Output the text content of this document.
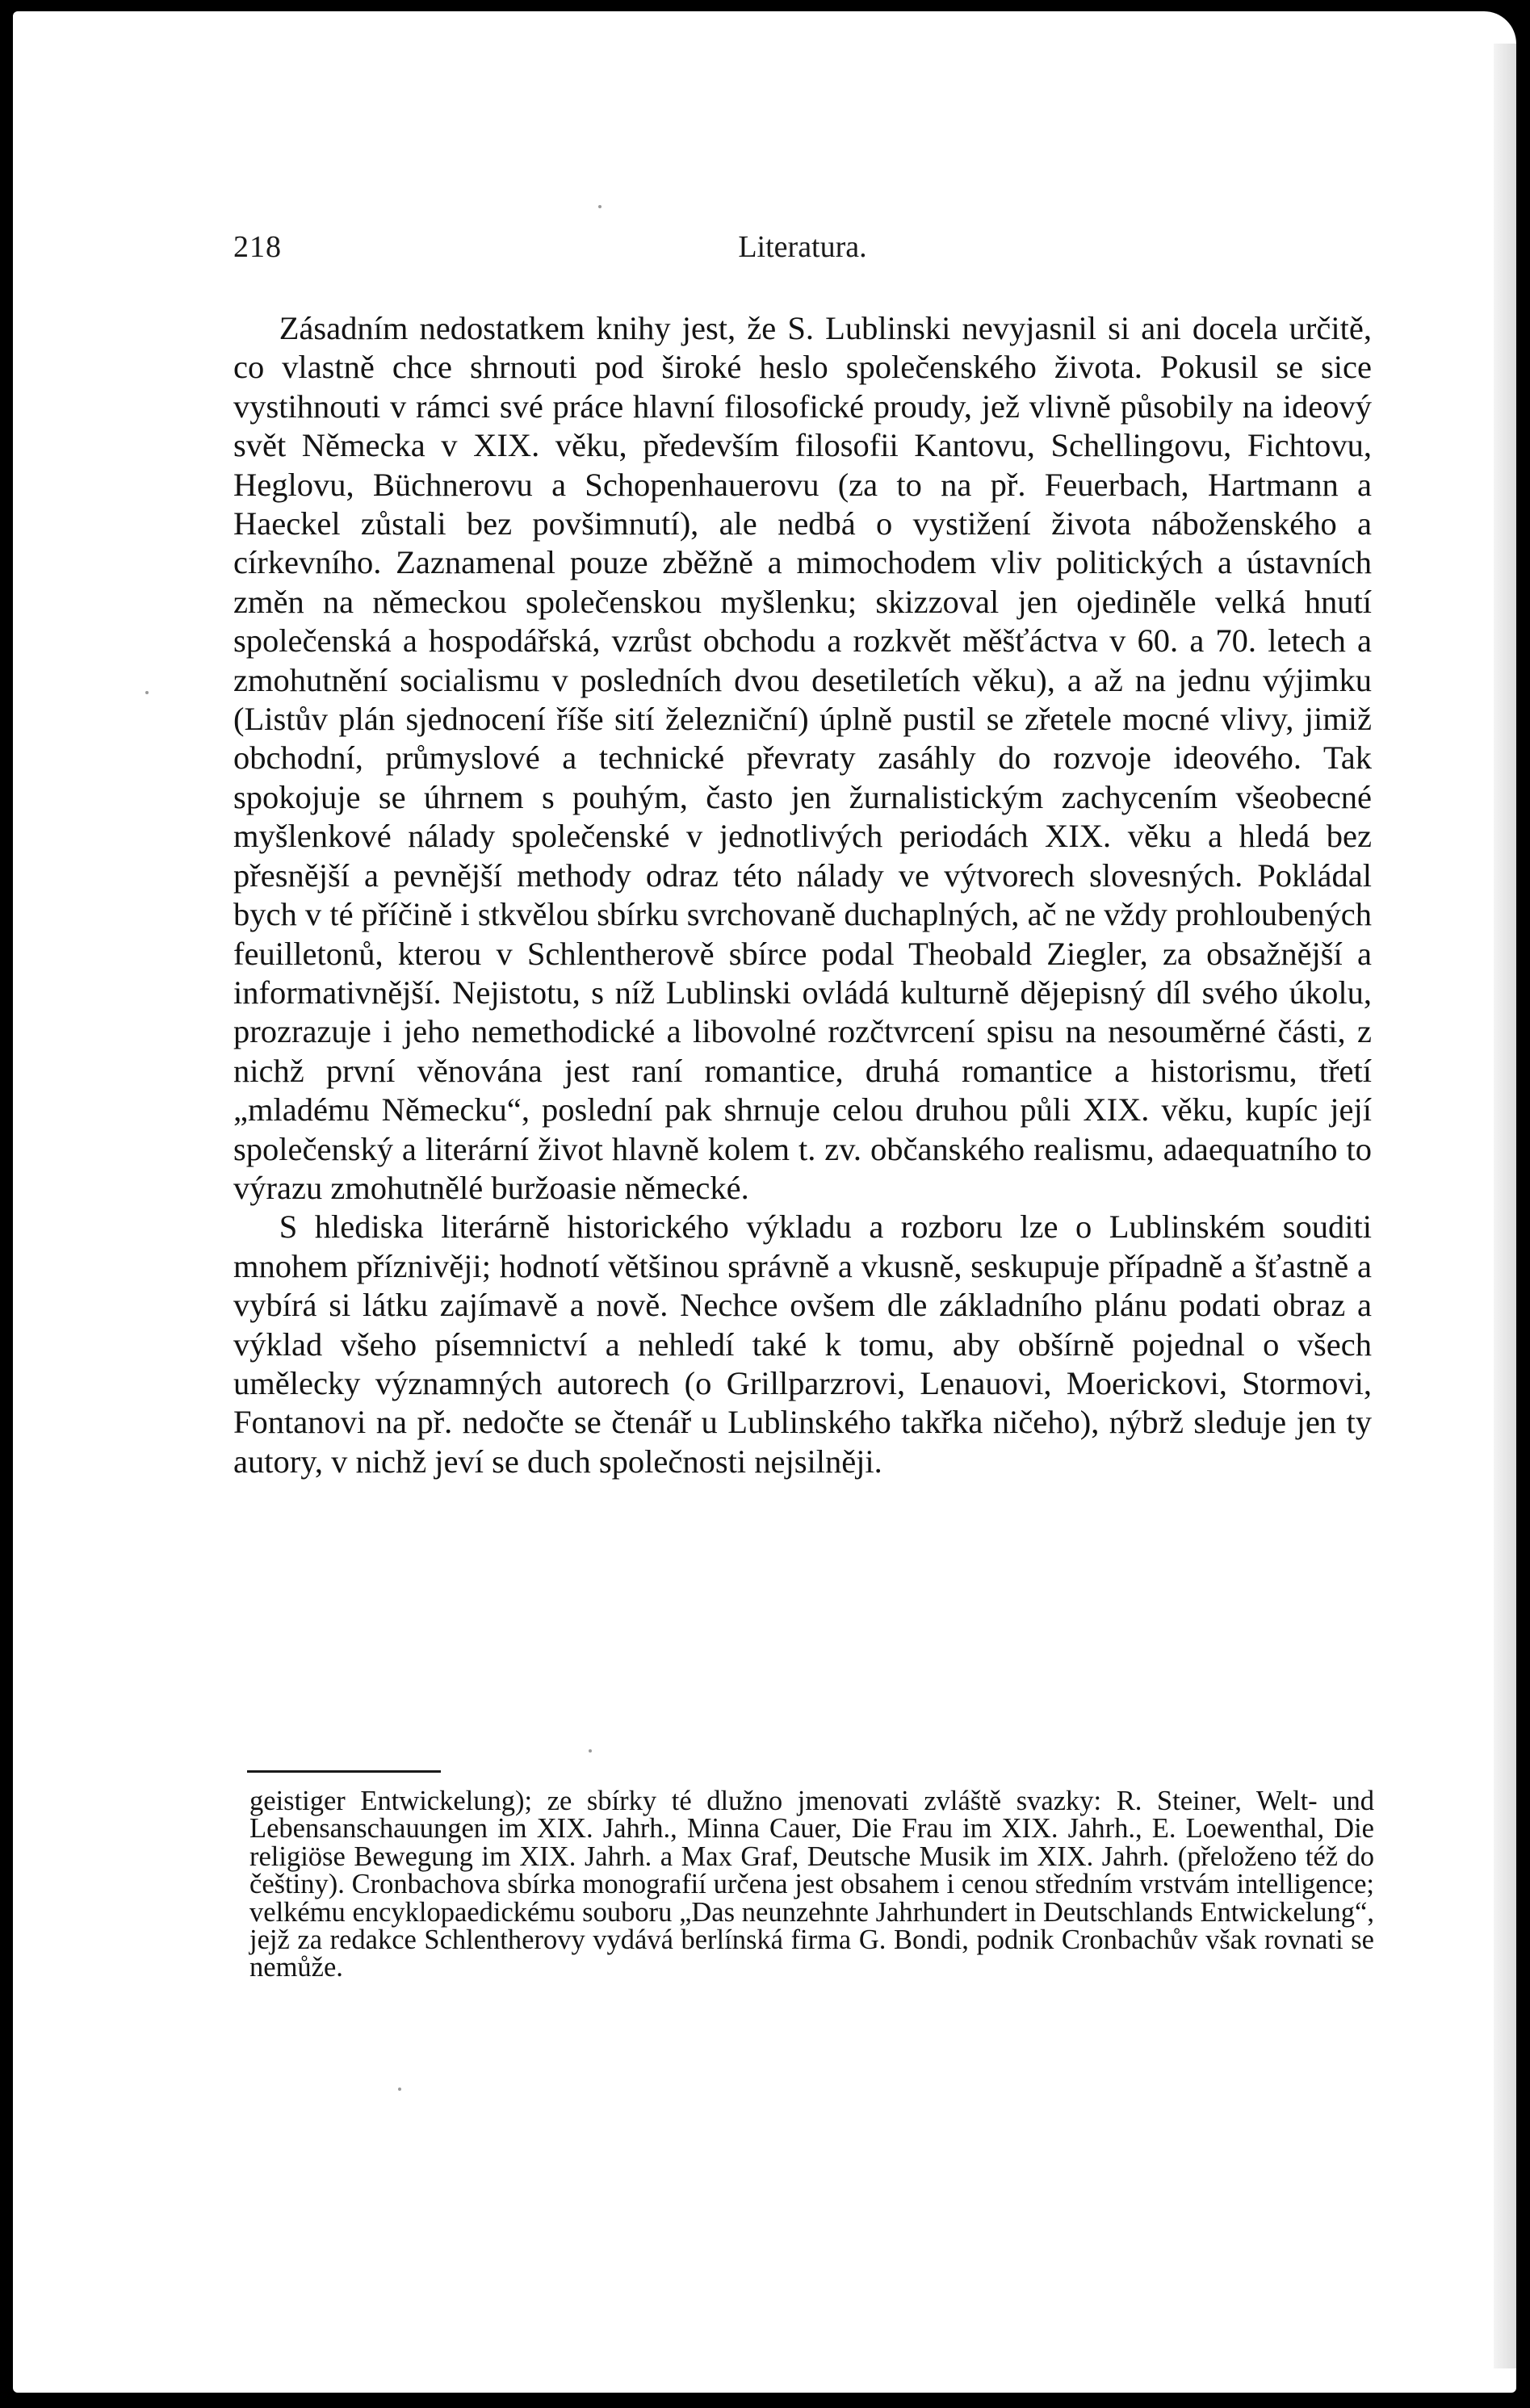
218	Literatura.

Zásadním nedostatkem knihy jest, že S. Lublinski nevyjasnil si ani docela určitě, co vlastně chce shrnouti pod široké heslo společenského života. Pokusil se sice vystihnouti v rámci své práce hlavní filosofické proudy, jež vlivně působily na ideový svět Německa v XIX. věku, především filosofii Kantovu, Schellingovu, Fichtovu, Heglovu, Büchnerovu a Schopenhauerovu (za to na př. Feuerbach, Hartmann a Haeckel zůstali bez povšimnutí), ale nedbá o vystižení života náboženského a církevního. Zaznamenal pouze zběžně a mimochodem vliv politických a ústavních změn na německou společenskou myšlenku; skizzoval jen ojediněle velká hnutí společenská a hospodářská, vzrůst obchodu a rozkvět měšťáctva v 60. a 70. letech a zmohutnění socialismu v posledních dvou desetiletích věku), a až na jednu výjimku (Listův plán sjednocení říše sití železniční) úplně pustil se zřetele mocné vlivy, jimiž obchodní, průmyslové a technické převraty zasáhly do rozvoje ideového. Tak spokojuje se úhrnem s pouhým, často jen žurnalistickým zachycením všeobecné myšlenkové nálady společenské v jednotlivých periodách XIX. věku a hledá bez přesnější a pevnější methody odraz této nálady ve výtvorech slovesných. Pokládal bych v té příčině i stkvělou sbírku svrchovaně duchaplných, ač ne vždy prohloubených feuilletonů, kterou v Schlentherově sbírce podal Theobald Ziegler, za obsažnější a informativnější. Nejistotu, s níž Lublinski ovládá kulturně dějepisný díl svého úkolu, prozrazuje i jeho nemethodické a libovolné rozčtvrcení spisu na nesouměrné části, z nichž první věnována jest raní romantice, druhá romantice a historismu, třetí „mladému Německu“, poslední pak shrnuje celou druhou půli XIX. věku, kupíc její společenský a literární život hlavně kolem t. zv. občanského realismu, adaequatního to výrazu zmohutnělé buržoasie německé.

S hlediska literárně historického výkladu a rozboru lze o Lublinském souditi mnohem příznivěji; hodnotí většinou správně a vkusně, seskupuje případně a šťastně a vybírá si látku zajímavě a nově. Nechce ovšem dle základního plánu podati obraz a výklad všeho písemnictví a nehledí také k tomu, aby obšírně pojednal o všech umělecky významných autorech (o Grillparzrovi, Lenauovi, Moerickovi, Stormovi, Fontanovi na př. nedočte se čtenář u Lublinského takřka ničeho), nýbrž sleduje jen ty autory, v nichž jeví se duch společnosti nejsilněji.

geistiger Entwickelung); ze sbírky té dlužno jmenovati zvláště svazky: R. Steiner, Welt- und Lebensanschauungen im XIX. Jahrh., Minna Cauer, Die Frau im XIX. Jahrh., E. Loewenthal, Die religiöse Bewegung im XIX. Jahrh. a Max Graf, Deutsche Musik im XIX. Jahrh. (přeloženo též do češtiny). Cronbachova sbírka monografií určena jest obsahem i cenou středním vrstvám intelligence; velkému encyklopaedickému souboru „Das neunzehnte Jahrhundert in Deutschlands Entwickelung“, jejž za redakce Schlentherovy vydává berlínská firma G. Bondi, podnik Cronbachův však rovnati se nemůže.
